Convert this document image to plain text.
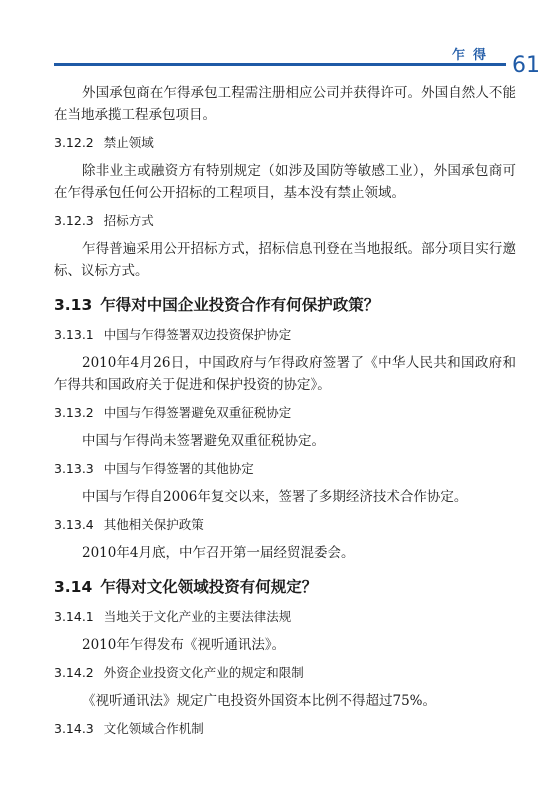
乍得 61
外国承包商在乍得承包工程需注册相应公司并获得许可。外国自然人不能在当地承揽工程承包项目。
3.12.2 禁止领域
除非业主或融资方有特别规定（如涉及国防等敏感工业），外国承包商可在乍得承包任何公开招标的工程项目，基本没有禁止领域。
3.12.3 招标方式
乍得普遍采用公开招标方式，招标信息刊登在当地报纸。部分项目实行邀标、议标方式。
3.13 乍得对中国企业投资合作有何保护政策？
3.13.1 中国与乍得签署双边投资保护协定
2010年4月26日，中国政府与乍得政府签署了《中华人民共和国政府和乍得共和国政府关于促进和保护投资的协定》。
3.13.2 中国与乍得签署避免双重征税协定
中国与乍得尚未签署避免双重征税协定。
3.13.3 中国与乍得签署的其他协定
中国与乍得自2006年复交以来，签署了多期经济技术合作协定。
3.13.4 其他相关保护政策
2010年4月底，中乍召开第一届经贸混委会。
3.14 乍得对文化领域投资有何规定？
3.14.1 当地关于文化产业的主要法律法规
2010年乍得发布《视听通讯法》。
3.14.2 外资企业投资文化产业的规定和限制
《视听通讯法》规定广电投资外国资本比例不得超过75%。
3.14.3 文化领域合作机制
